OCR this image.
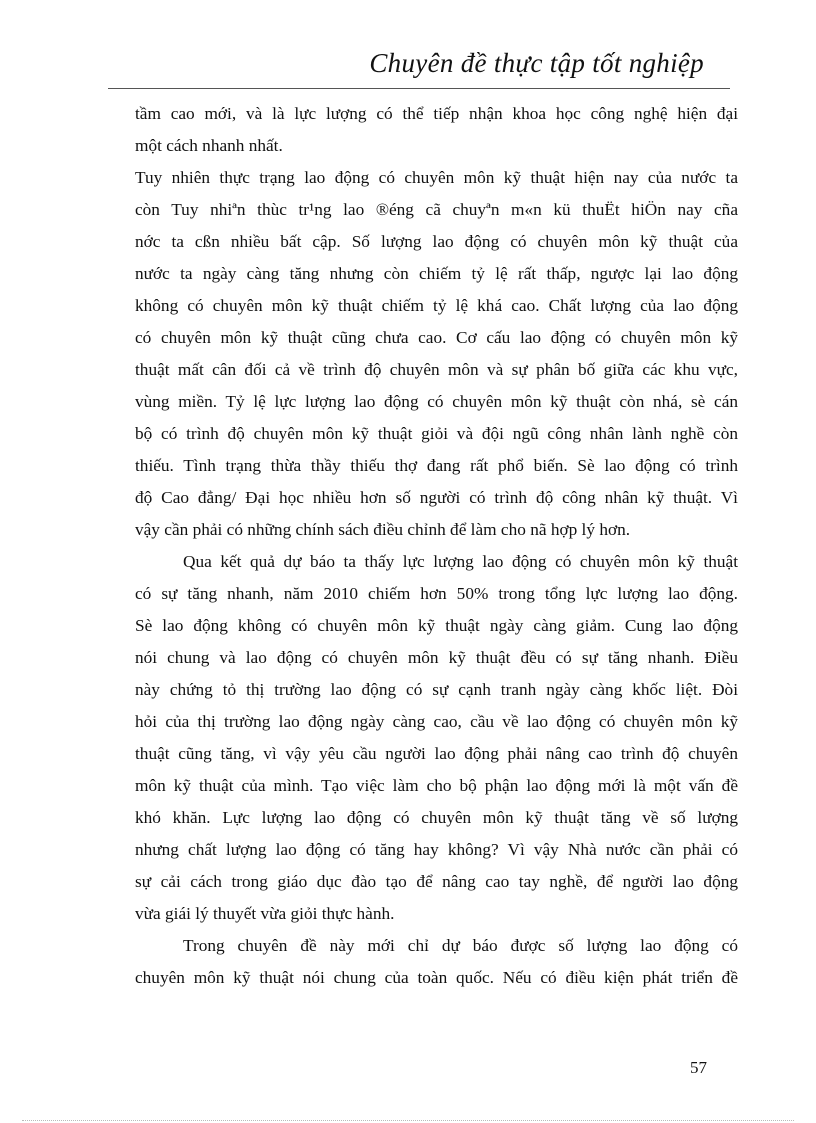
Chuyên đề thực tập tốt nghiệp
tầm cao mới, và là lực lượng có thể tiếp nhận khoa học công nghệ hiện đại
một cách nhanh nhất.
Tuy nhiên thực trạng lao động có chuyên môn kỹ thuật hiện nay của nước ta
còn Tuy nhiªn thùc tr¹ng lao ®éng cã chuyªn m«n kü thuËt hiÖn nay cña
nớc ta cßn nhiều bất cập. Số lượng lao động có chuyên môn kỹ thuật của
nước ta ngày càng tăng nhưng còn chiếm tỷ lệ rất thấp, ngược lại lao động
không có chuyên môn kỹ thuật chiếm tỷ lệ khá cao. Chất lượng của lao động
có chuyên môn kỹ thuật cũng chưa cao. Cơ cấu lao động có chuyên môn kỹ
thuật mất cân đối cả về trình độ chuyên môn và sự phân bố giữa các khu vực,
vùng miền. Tỷ lệ lực lượng lao động có chuyên môn kỹ thuật còn nhá, sè cán
bộ có trình độ chuyên môn kỹ thuật giỏi và đội ngũ công nhân lành nghề còn
thiếu. Tình trạng thừa thầy thiếu thợ đang rất phổ biến. Sè lao động có trình
độ Cao đẳng/ Đại học nhiều hơn số người có trình độ công nhân kỹ thuật. Vì
vậy cần phải có những chính sách điều chỉnh để làm cho nã hợp lý hơn.
Qua kết quả dự báo ta thấy lực lượng lao động có chuyên môn kỹ thuật
có sự tăng nhanh, năm 2010 chiếm hơn 50% trong tổng lực lượng lao động.
Sè lao động không có chuyên môn kỹ thuật ngày càng giảm. Cung lao động
nói chung và lao động có chuyên môn kỹ thuật đều có sự tăng nhanh. Điều
này chứng tỏ thị trường lao động có sự cạnh tranh ngày càng khốc liệt. Đòi
hỏi của thị trường lao động ngày càng cao, cầu về lao động có chuyên môn kỹ
thuật cũng tăng, vì vậy yêu cầu người lao động phải nâng cao trình độ chuyên
môn kỹ thuật của mình. Tạo việc làm cho bộ phận lao động mới là một vấn đề
khó khăn. Lực lượng lao động có chuyên môn kỹ thuật tăng về số lượng
nhưng chất lượng lao động có tăng hay không? Vì vậy Nhà nước cần phải có
sự cải cách trong giáo dục đào tạo để nâng cao tay nghề, để người lao động
vừa giái lý thuyết vừa giỏi thực hành.
Trong chuyên đề này mới chỉ dự báo được số lượng lao động có
chuyên môn kỹ thuật nói chung của toàn quốc. Nếu có điều kiện phát triển đề
57
